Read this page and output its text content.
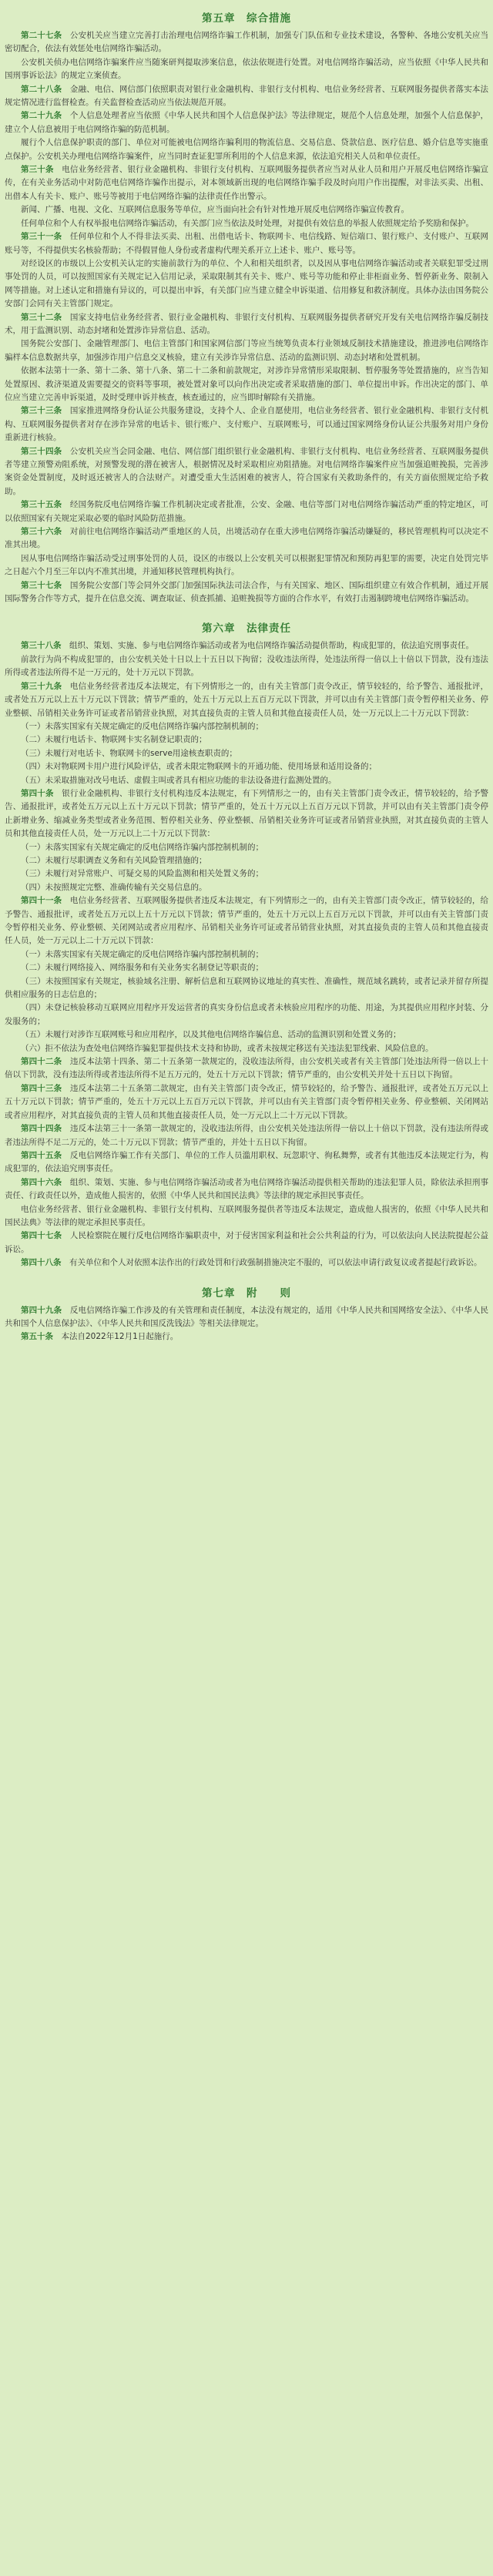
第五章　综合措施

第二十七条　 公安机关应当建立完善打击治理电信网络诈骗工作机制，加强专门队伍和专业技术建设，各警种、各地公安机关应当密切配合，依法有效惩处电信网络诈骗活动。

公安机关侦办电信网络诈骗案件应当随案研判提取涉案信息，依法依规进行处置。对电信网络诈骗活动，应当依照《中华人民共和国刑事诉讼法》的规定立案侦查。

第二十八条　 金融、电信、网信部门依照职责对银行业金融机构、非银行支付机构、电信业务经营者、互联网服务提供者落实本法规定情况进行监督检查。有关监督检查活动应当依法规范开展。

第二十九条　 个人信息处理者应当依照《中华人民共和国个人信息保护法》等法律规定，规范个人信息处理，加强个人信息保护，建立个人信息被用于电信网络诈骗的防范机制。

履行个人信息保护职责的部门、单位对可能被电信网络诈骗利用的物流信息、交易信息、贷款信息、医疗信息、婚介信息等实施重点保护。公安机关办理电信网络诈骗案件，应当同时查证犯罪所利用的个人信息来源，依法追究相关人员和单位责任。

第三十条　 电信业务经营者、银行业金融机构、非银行支付机构、互联网服务提供者应当对从业人员和用户开展反电信网络诈骗宣传，在有关业务活动中对防范电信网络诈骗作出提示，对本领域新出现的电信网络诈骗手段及时向用户作出提醒，对非法买卖、出租、出借本人有关卡、账户、账号等被用于电信网络诈骗的法律责任作出警示。

新闻、广播、电视、文化、互联网信息服务等单位，应当面向社会有针对性地开展反电信网络诈骗宣传教育。

任何单位和个人有权举报电信网络诈骗活动，有关部门应当依法及时处理，对提供有效信息的举报人依照规定给予奖励和保护。

第三十一条　 任何单位和个人不得非法买卖、出租、出借电话卡、物联网卡、电信线路、短信端口、银行账户、支付账户、互联网账号等，不得提供实名核验帮助；不得假冒他人身份或者虚构代理关系开立上述卡、账户、账号等。

对经设区的市级以上公安机关认定的实施前款行为的单位、个人和相关组织者，以及因从事电信网络诈骗活动或者关联犯罪受过刑事处罚的人员，可以按照国家有关规定记入信用记录，采取限制其有关卡、账户、账号等功能和停止非柜面业务、暂停新业务、限制入网等措施。对上述认定和措施有异议的，可以提出申诉，有关部门应当建立健全申诉渠道、信用修复和救济制度。具体办法由国务院公安部门会同有关主管部门规定。

第三十二条　 国家支持电信业务经营者、银行业金融机构、非银行支付机构、互联网服务提供者研究开发有关电信网络诈骗反制技术，用于监测识别、动态封堵和处置涉诈异常信息、活动。

国务院公安部门、金融管理部门、电信主管部门和国家网信部门等应当统筹负责本行业领域反制技术措施建设，推进涉电信网络诈骗样本信息数据共享，加强涉诈用户信息交叉核验，建立有关涉诈异常信息、活动的监测识别、动态封堵和处置机制。

依据本法第十一条、第十二条、第十八条、第二十二条和前款规定，对涉诈异常情形采取限制、暂停服务等处置措施的，应当告知处置原因、救济渠道及需要提交的资料等事项，被处置对象可以向作出决定或者采取措施的部门、单位提出申诉。作出决定的部门、单位应当建立完善申诉渠道，及时受理申诉并核查，核查通过的，应当即时解除有关措施。

第三十三条　 国家推进网络身份认证公共服务建设，支持个人、企业自愿使用，电信业务经营者、银行业金融机构、非银行支付机构、互联网服务提供者对存在涉诈异常的电话卡、银行账户、支付账户、互联网账号，可以通过国家网络身份认证公共服务对用户身份重新进行核验。

第三十四条　 公安机关应当会同金融、电信、网信部门组织银行业金融机构、非银行支付机构、电信业务经营者、互联网服务提供者等建立预警劝阻系统，对预警发现的潜在被害人，根据情况及时采取相应劝阻措施。对电信网络诈骗案件应当加强追赃挽损，完善涉案资金处置制度，及时返还被害人的合法财产。对遭受重大生活困难的被害人，符合国家有关救助条件的，有关方面依照规定给予救助。

第三十五条　 经国务院反电信网络诈骗工作机制决定或者批准，公安、金融、电信等部门对电信网络诈骗活动严重的特定地区，可以依照国家有关规定采取必要的临时风险防范措施。

第三十六条　 对前往电信网络诈骗活动严重地区的人员，出境活动存在重大涉电信网络诈骗活动嫌疑的，移民管理机构可以决定不准其出境。

因从事电信网络诈骗活动受过刑事处罚的人员，设区的市级以上公安机关可以根据犯罪情况和预防再犯罪的需要，决定自处罚完毕之日起六个月至三年以内不准其出境，并通知移民管理机构执行。

第三十七条　 国务院公安部门等会同外交部门加强国际执法司法合作，与有关国家、地区、国际组织建立有效合作机制，通过开展国际警务合作等方式，提升在信息交流、调查取证、侦查抓捕、追赃挽损等方面的合作水平，有效打击遏制跨境电信网络诈骗活动。

第六章　法律责任

第三十八条　 组织、策划、实施、参与电信网络诈骗活动或者为电信网络诈骗活动提供帮助，构成犯罪的，依法追究刑事责任。

前款行为尚不构成犯罪的，由公安机关处十日以上十五日以下拘留；没收违法所得，处违法所得一倍以上十倍以下罚款，没有违法所得或者违法所得不足一万元的，处十万元以下罚款。

第三十九条　 电信业务经营者违反本法规定，有下列情形之一的，由有关主管部门责令改正，情节较轻的，给予警告、通报批评，或者处五万元以上五十万元以下罚款；情节严重的，处五十万元以上五百万元以下罚款，并可以由有关主管部门责令暂停相关业务、停业整顿、吊销相关业务许可证或者吊销营业执照，对其直接负责的主管人员和其他直接责任人员，处一万元以上二十万元以下罚款：

（一）未落实国家有关规定确定的反电信网络诈骗内部控制机制的；

（二）未履行电话卡、物联网卡实名制登记职责的；

（三）未履行对电话卡、物联网卡的serve用途核查职责的；

（四）未对物联网卡用户进行风险评估，或者未限定物联网卡的开通功能、使用场景和适用设备的；

（五）未采取措施对改号电话、虚假主叫或者具有相应功能的非法设备进行监测处置的。

第四十条　 银行业金融机构、非银行支付机构违反本法规定，有下列情形之一的，由有关主管部门责令改正，情节较轻的，给予警告、通报批评，或者处五万元以上五十万元以下罚款；情节严重的，处五十万元以上五百万元以下罚款，并可以由有关主管部门责令停止新增业务、缩减业务类型或者业务范围、暂停相关业务、停业整顿、吊销相关业务许可证或者吊销营业执照，对其直接负责的主管人员和其他直接责任人员，处一万元以上二十万元以下罚款：

（一）未落实国家有关规定确定的反电信网络诈骗内部控制机制的；

（二）未履行尽职调查义务和有关风险管理措施的；

（三）未履行对异常账户、可疑交易的风险监测和相关处置义务的；

（四）未按照规定完整、准确传输有关交易信息的。

第四十一条　 电信业务经营者、互联网服务提供者违反本法规定，有下列情形之一的，由有关主管部门责令改正，情节较轻的，给予警告、通报批评，或者处五万元以上五十万元以下罚款；情节严重的，处五十万元以上五百万元以下罚款，并可以由有关主管部门责令暂停相关业务、停业整顿、关闭网站或者应用程序、吊销相关业务许可证或者吊销营业执照，对其直接负责的主管人员和其他直接责任人员，处一万元以上二十万元以下罚款：

（一）未落实国家有关规定确定的反电信网络诈骗内部控制机制的；

（二）未履行网络接入、网络服务和有关业务实名制登记等职责的；

（三）未按照国家有关规定，核验域名注册、解析信息和互联网协议地址的真实性、准确性，规范域名跳转，或者记录并留存所提供相应服务的日志信息的；

（四）未登记核验移动互联网应用程序开发运营者的真实身份信息或者未核验应用程序的功能、用途，为其提供应用程序封装、分发服务的；

（五）未履行对涉诈互联网账号和应用程序，以及其他电信网络诈骗信息、活动的监测识别和处置义务的；

（六）拒不依法为查处电信网络诈骗犯罪提供技术支持和协助，或者未按规定移送有关违法犯罪线索、风险信息的。

第四十二条　 违反本法第十四条、第二十五条第一款规定的，没收违法所得，由公安机关或者有关主管部门处违法所得一倍以上十倍以下罚款，没有违法所得或者违法所得不足五万元的，处五十万元以下罚款；情节严重的，由公安机关并处十五日以下拘留。

第四十三条　 违反本法第二十五条第二款规定，由有关主管部门责令改正，情节较轻的，给予警告、通报批评，或者处五万元以上五十万元以下罚款；情节严重的，处五十万元以上五百万元以下罚款，并可以由有关主管部门责令暂停相关业务、停业整顿、关闭网站或者应用程序，对其直接负责的主管人员和其他直接责任人员，处一万元以上二十万元以下罚款。

第四十四条　 违反本法第三十一条第一款规定的，没收违法所得，由公安机关处违法所得一倍以上十倍以下罚款，没有违法所得或者违法所得不足二万元的，处二十万元以下罚款；情节严重的，并处十五日以下拘留。

第四十五条　 反电信网络诈骗工作有关部门、单位的工作人员滥用职权、玩忽职守、徇私舞弊，或者有其他违反本法规定行为，构成犯罪的，依法追究刑事责任。

第四十六条　 组织、策划、实施、参与电信网络诈骗活动或者为电信网络诈骗活动提供相关帮助的违法犯罪人员，除依法承担刑事责任、行政责任以外，造成他人损害的，依照《中华人民共和国民法典》等法律的规定承担民事责任。

电信业务经营者、银行业金融机构、非银行支付机构、互联网服务提供者等违反本法规定，造成他人损害的，依照《中华人民共和国民法典》等法律的规定承担民事责任。

第四十七条　 人民检察院在履行反电信网络诈骗职责中，对于侵害国家利益和社会公共利益的行为，可以依法向人民法院提起公益诉讼。

第四十八条　 有关单位和个人对依照本法作出的行政处罚和行政强制措施决定不服的，可以依法申请行政复议或者提起行政诉讼。

第七章　附　　则

第四十九条　 反电信网络诈骗工作涉及的有关管理和责任制度，本法没有规定的，适用《中华人民共和国网络安全法》、《中华人民共和国个人信息保护法》、《中华人民共和国反洗钱法》等相关法律规定。

第五十条　 本法自2022年12月1日起施行。
